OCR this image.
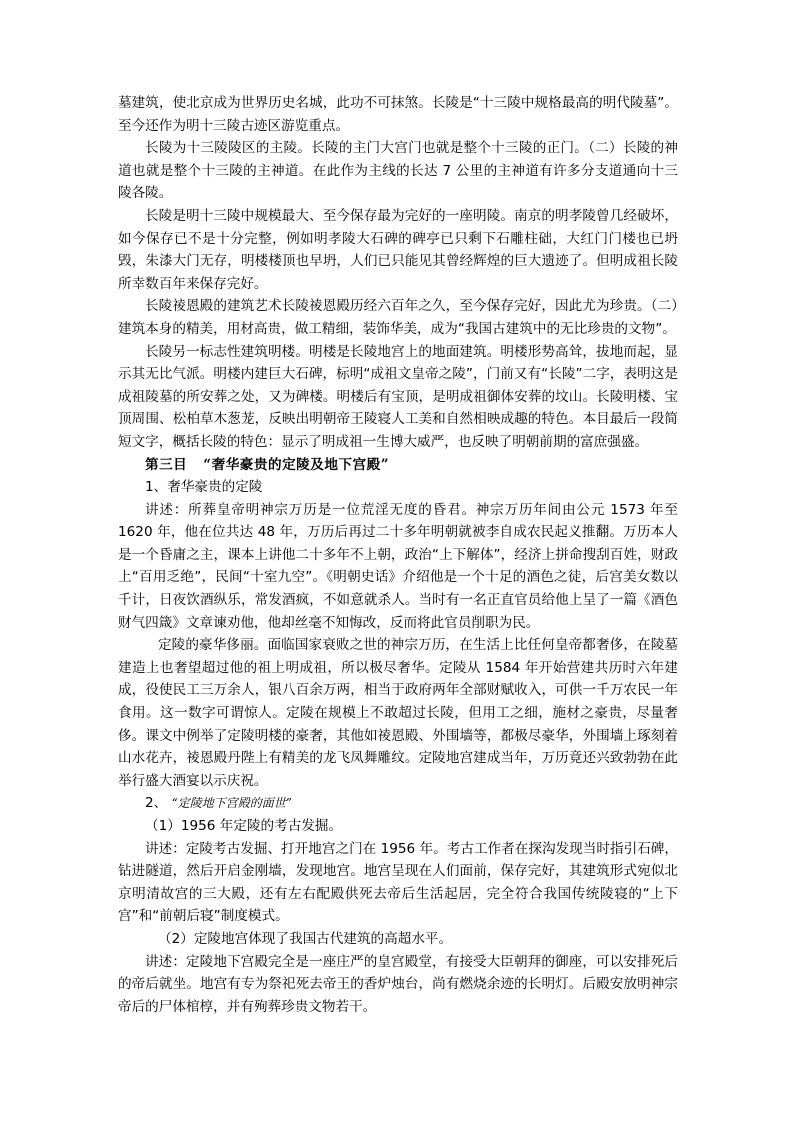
墓建筑，使北京成为世界历史名城，此功不可抹煞。长陵是“十三陵中规格最高的明代陵墓”。至今还作为明十三陵古迹区游览重点。

长陵为十三陵陵区的主陵。长陵的主门大宫门也就是整个十三陵的正门。（二）长陵的神道也就是整个十三陵的主神道。在此作为主线的长达 7 公里的主神道有许多分支道通向十三陵各陵。

长陵是明十三陵中规模最大、至今保存最为完好的一座明陵。南京的明孝陵曾几经破坏，如今保存已不是十分完整，例如明孝陵大石碑的碑亭已只剩下石雕柱础，大红门门楼也已坍毁，朱漆大门无存，明楼楼顶也早坍，人们已只能见其曾经辉煌的巨大遗迹了。但明成祖长陵所幸数百年来保存完好。

长陵祾恩殿的建筑艺术长陵祾恩殿历经六百年之久，至今保存完好，因此尤为珍贵。（二）建筑本身的精美，用材高贵，做工精细，装饰华美，成为“我国古建筑中的无比珍贵的文物”。

长陵另一标志性建筑明楼。明楼是长陵地宫上的地面建筑。明楼形势高耸，拔地而起，显示其无比气派。明楼内建巨大石碑，标明“成祖文皇帝之陵”，门前又有“长陵”二字，表明这是成祖陵墓的所安葬之处，又为碑楼。明楼后有宝顶，是明成祖御体安葬的坟山。长陵明楼、宝顶周围、松柏草木葱茏，反映出明朝帝王陵寝人工美和自然相映成趣的特色。本目最后一段简短文字，概括长陵的特色：显示了明成祖一生博大威严，也反映了明朝前期的富庶强盛。

第三目 “奢华豪贵的定陵及地下宫殿”

1、奢华豪贵的定陵

讲述：所葬皇帝明神宗万历是一位荒淫无度的昏君。神宗万历年间由公元 1573 年至 1620 年，他在位共达 48 年，万历后再过二十多年明朝就被李自成农民起义推翻。万历本人是一个昏庸之主，课本上讲他二十多年不上朝，政治“上下解体”，经济上拼命搜刮百姓，财政上“百用乏绝”，民间“十室九空”。《明朝史话》介绍他是一个十足的酒色之徒，后宫美女数以千计，日夜饮酒纵乐，常发酒疯，不如意就杀人。当时有一名正直官员给他上呈了一篇《酒色财气四箴》文章谏劝他，他却丝毫不知悔改，反而将此官员削职为民。

定陵的豪华侈丽。面临国家衰败之世的神宗万历，在生活上比任何皇帝都奢侈，在陵墓建造上也奢望超过他的祖上明成祖，所以极尽奢华。定陵从 1584 年开始营建共历时六年建成，役使民工三万余人，银八百余万两，相当于政府两年全部财赋收入，可供一千万农民一年食用。这一数字可谓惊人。定陵在规模上不敢超过长陵，但用工之细，施材之豪贵，尽量奢侈。课文中例举了定陵明楼的豪奢，其他如祾恩殿、外围墙等，都极尽豪华，外围墙上琢刻着山水花卉，祾恩殿丹陛上有精美的龙飞凤舞雕纹。定陵地宫建成当年，万历竟还兴致勃勃在此举行盛大酒宴以示庆祝。

2、 “定陵地下宫殿的面世”

（1）1956 年定陵的考古发掘。

讲述：定陵考古发掘、打开地宫之门在 1956 年。考古工作者在探沟发现当时指引石碑，钻进隧道，然后开启金刚墙，发现地宫。地宫呈现在人们面前，保存完好，其建筑形式宛似北京明清故宫的三大殿，还有左右配殿供死去帝后生活起居，完全符合我国传统陵寝的“上下宫”和“前朝后寝”制度模式。

（2）定陵地宫体现了我国古代建筑的高超水平。

讲述：定陵地下宫殿完全是一座庄严的皇宫殿堂，有接受大臣朝拜的御座，可以安排死后的帝后就坐。地宫有专为祭祀死去帝王的香炉烛台，尚有燃烧余迹的长明灯。后殿安放明神宗帝后的尸体棺椁，并有殉葬珍贵文物若干。
